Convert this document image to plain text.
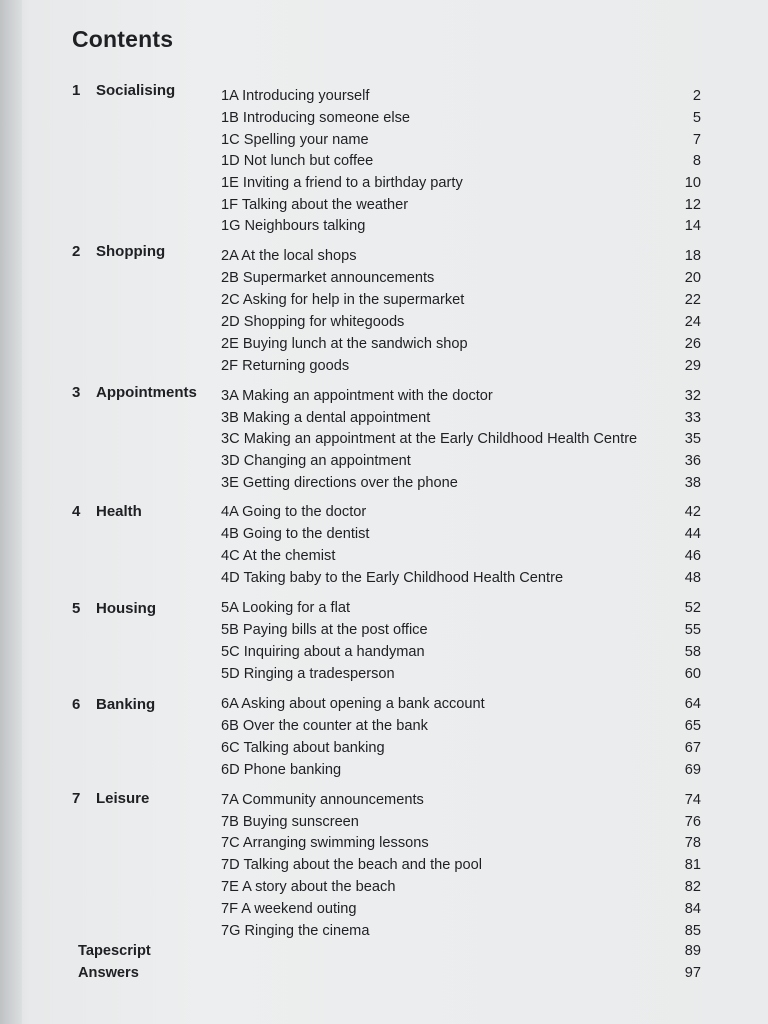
Contents
1 Socialising	1A Introducing yourself	2
1B Introducing someone else	5
1C Spelling your name	7
1D Not lunch but coffee	8
1E Inviting a friend to a birthday party	10
1F Talking about the weather	12
1G Neighbours talking	14
2 Shopping	2A At the local shops	18
2B Supermarket announcements	20
2C Asking for help in the supermarket	22
2D Shopping for whitegoods	24
2E Buying lunch at the sandwich shop	26
2F Returning goods	29
3 Appointments	3A Making an appointment with the doctor	32
3B Making a dental appointment	33
3C Making an appointment at the Early Childhood Health Centre	35
3D Changing an appointment	36
3E Getting directions over the phone	38
4 Health	4A Going to the doctor	42
4B Going to the dentist	44
4C At the chemist	46
4D Taking baby to the Early Childhood Health Centre	48
5 Housing	5A Looking for a flat	52
5B Paying bills at the post office	55
5C Inquiring about a handyman	58
5D Ringing a tradesperson	60
6 Banking	6A Asking about opening a bank account	64
6B Over the counter at the bank	65
6C Talking about banking	67
6D Phone banking	69
7 Leisure	7A Community announcements	74
7B Buying sunscreen	76
7C Arranging swimming lessons	78
7D Talking about the beach and the pool	81
7E A story about the beach	82
7F A weekend outing	84
7G Ringing the cinema	85
Tapescript	89
Answers	97
